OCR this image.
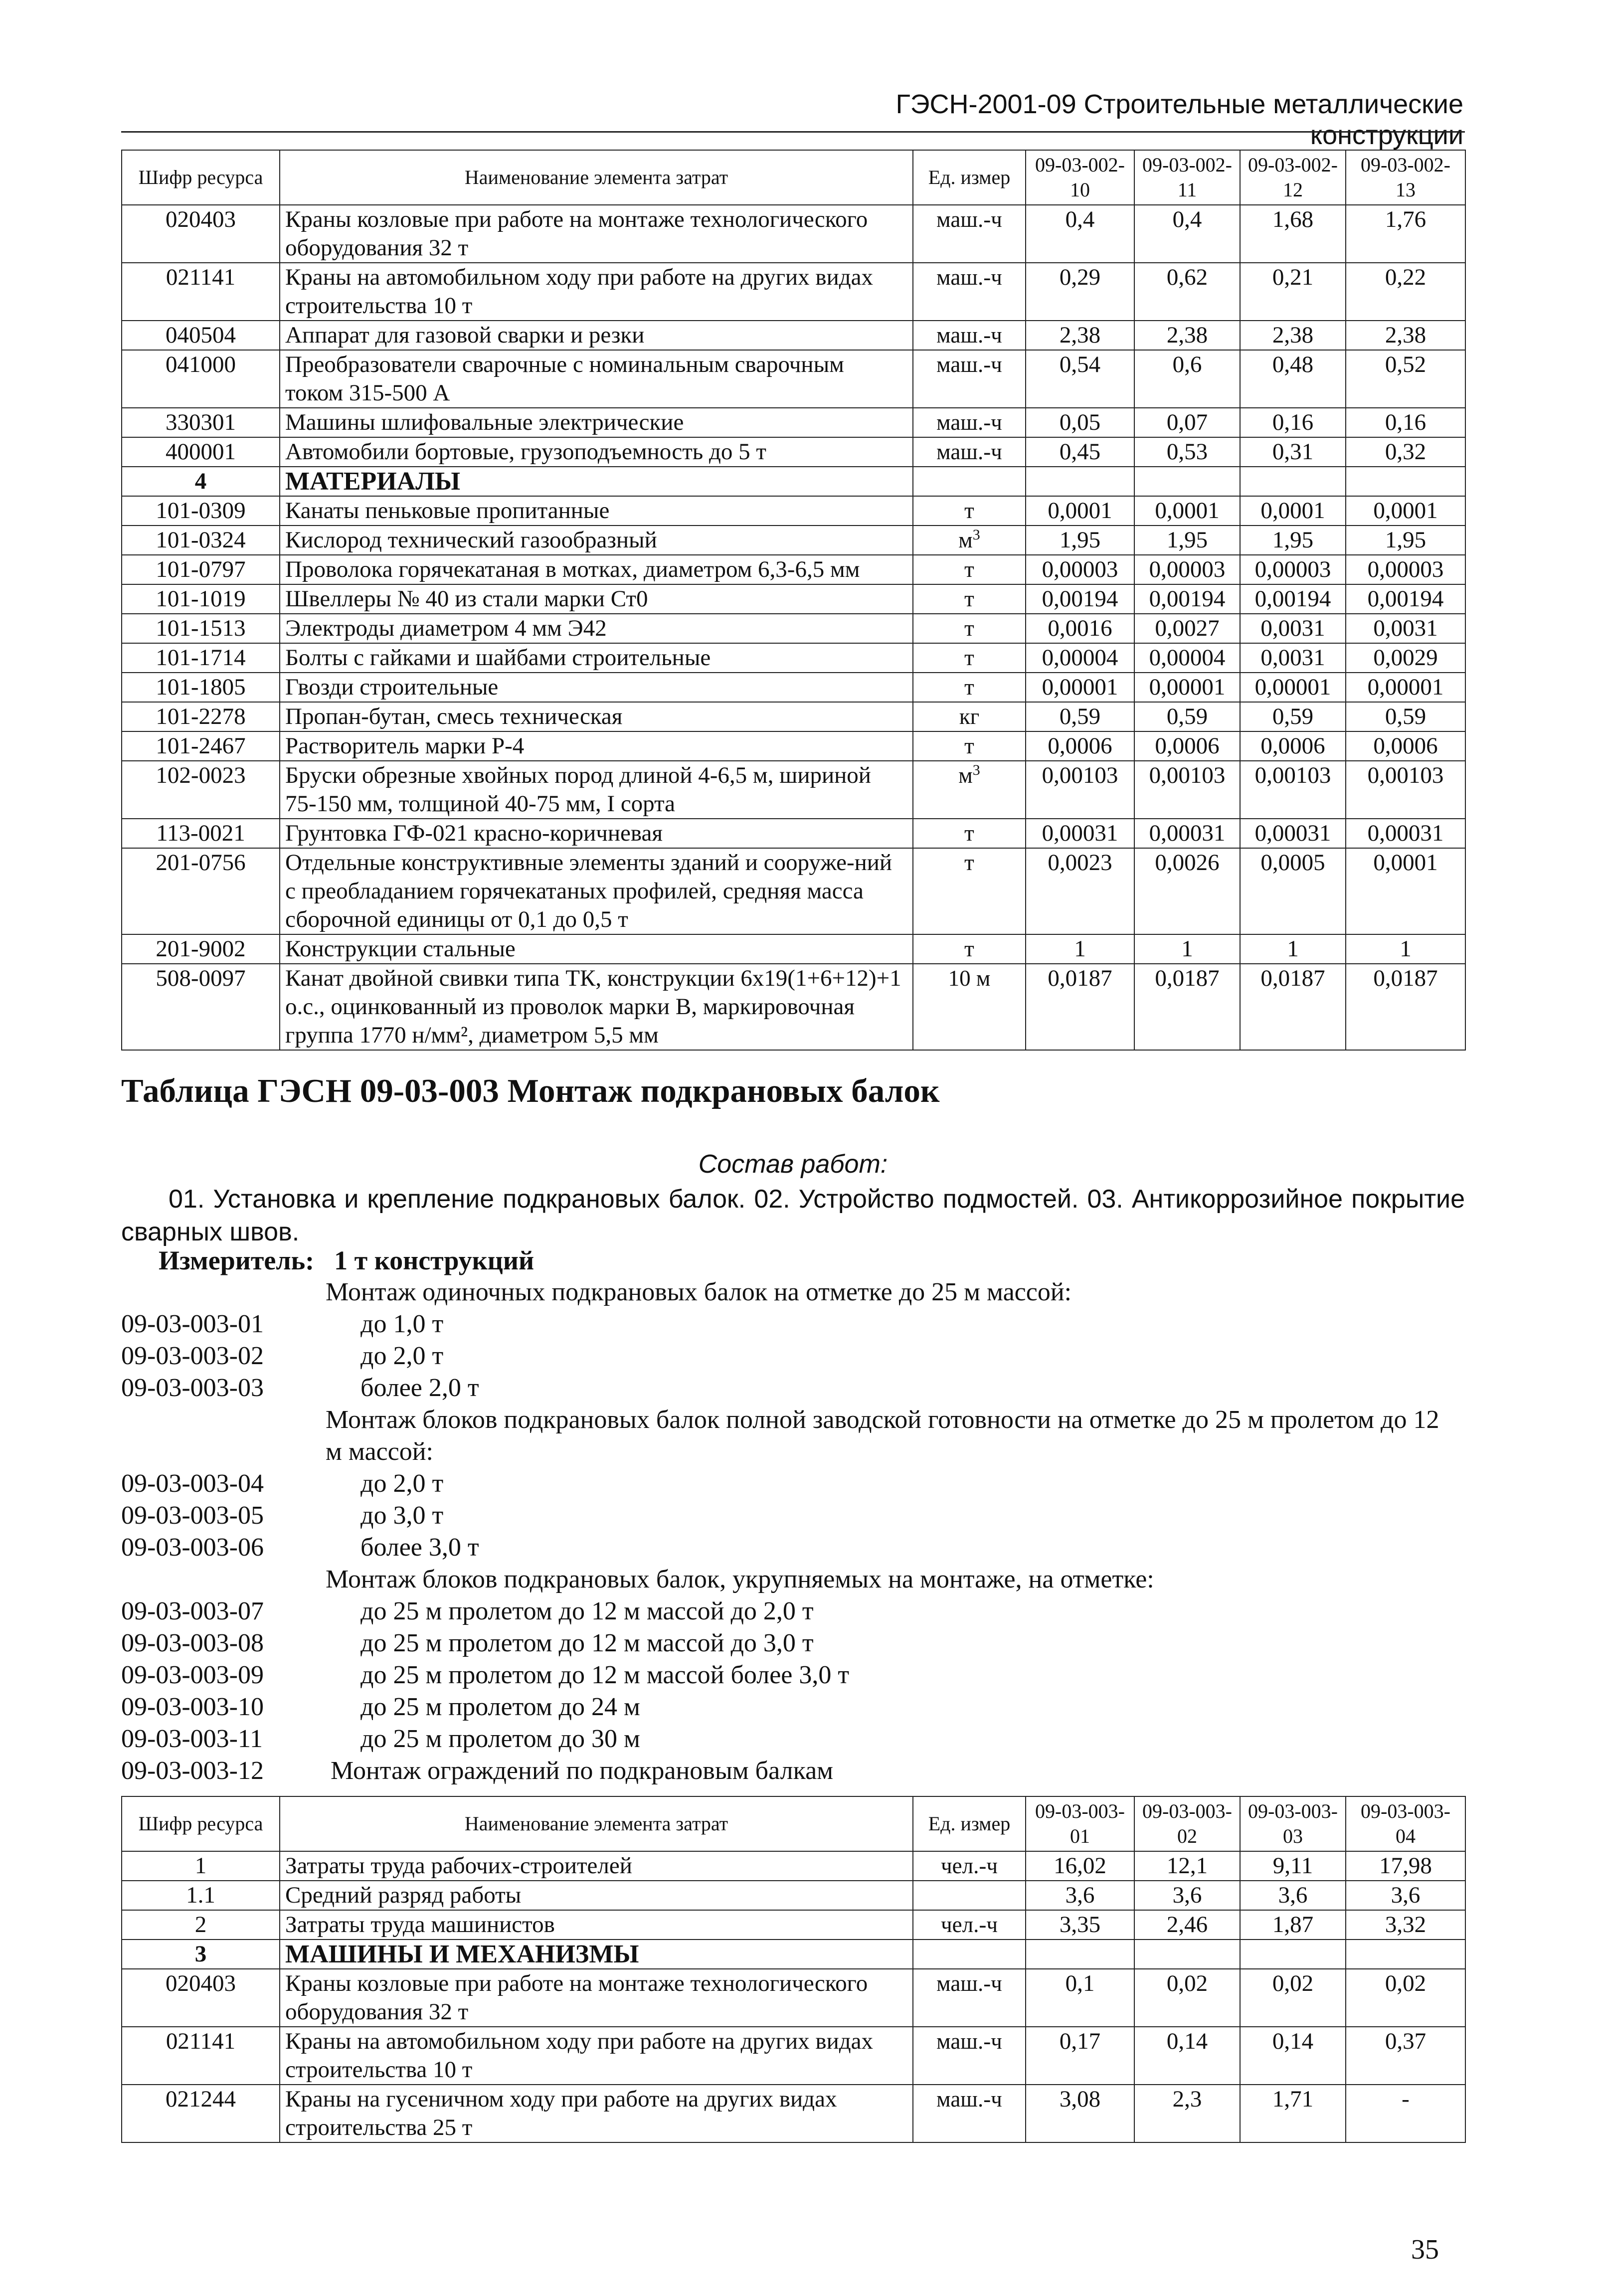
ГЭСН-2001-09 Строительные металлические конструкции
Шифр ресурса	Наименование элемента затрат	Ед. измер	09-03-002-10	09-03-002-11	09-03-002-12	09-03-002-13
020403	Краны козловые при работе на монтаже технологического оборудования 32 т	маш.-ч	0,4	0,4	1,68	1,76
021141	Краны на автомобильном ходу при работе на других видах строительства 10 т	маш.-ч	0,29	0,62	0,21	0,22
040504	Аппарат для газовой сварки и резки	маш.-ч	2,38	2,38	2,38	2,38
041000	Преобразователи сварочные с номинальным сварочным током 315-500 А	маш.-ч	0,54	0,6	0,48	0,52
330301	Машины шлифовальные электрические	маш.-ч	0,05	0,07	0,16	0,16
400001	Автомобили бортовые, грузоподъемность до 5 т	маш.-ч	0,45	0,53	0,31	0,32
4	МАТЕРИАЛЫ					
101-0309	Канаты пеньковые пропитанные	т	0,0001	0,0001	0,0001	0,0001
101-0324	Кислород технический газообразный	$м^3$	1,95	1,95	1,95	1,95
101-0797	Проволока горячекатаная в мотках, диаметром 6,3-6,5 мм	т	0,00003	0,00003	0,00003	0,00003
101-1019	Швеллеры № 40 из стали марки Ст0	т	0,00194	0,00194	0,00194	0,00194
101-1513	Электроды диаметром 4 мм Э42	т	0,0016	0,0027	0,0031	0,0031
101-1714	Болты с гайками и шайбами строительные	т	0,00004	0,00004	0,0031	0,0029
101-1805	Гвозди строительные	т	0,00001	0,00001	0,00001	0,00001
101-2278	Пропан-бутан, смесь техническая	кг	0,59	0,59	0,59	0,59
101-2467	Растворитель марки Р-4	т	0,0006	0,0006	0,0006	0,0006
102-0023	Бруски обрезные хвойных пород длиной 4-6,5 м, шириной 75-150 мм, толщиной 40-75 мм, I сорта	$м^3$	0,00103	0,00103	0,00103	0,00103
113-0021	Грунтовка ГФ-021 красно-коричневая	т	0,00031	0,00031	0,00031	0,00031
201-0756	Отдельные конструктивные элементы зданий и сооруже-ний с преобладанием горячекатаных профилей, средняя масса сборочной единицы от 0,1 до 0,5 т	т	0,0023	0,0026	0,0005	0,0001
201-9002	Конструкции стальные	т	1	1	1	1
508-0097	Канат двойной свивки типа ТК, конструкции 6х19(1+6+12)+1 о.с., оцинкованный из проволок марки В, маркировочная группа 1770 н/мм², диаметром 5,5 мм	10 м	0,0187	0,0187	0,0187	0,0187
Таблица ГЭСН 09-03-003 Монтаж подкрановых балок
Состав работ:
01. Установка и крепление подкрановых балок. 02. Устройство подмостей. 03. Антикоррозийное покрытие сварных швов.
Измеритель: 1 т конструкций
Монтаж одиночных подкрановых балок на отметке до 25 м массой:
09-03-003-01	до 1,0 т
09-03-003-02	до 2,0 т
09-03-003-03	более 2,0 т
Монтаж блоков подкрановых балок полной заводской готовности на отметке до 25 м пролетом до 12 м массой:
09-03-003-04	до 2,0 т
09-03-003-05	до 3,0 т
09-03-003-06	более 3,0 т
Монтаж блоков подкрановых балок, укрупняемых на монтаже, на отметке:
09-03-003-07	до 25 м пролетом до 12 м массой до 2,0 т
09-03-003-08	до 25 м пролетом до 12 м массой до 3,0 т
09-03-003-09	до 25 м пролетом до 12 м массой более 3,0 т
09-03-003-10	до 25 м пролетом до 24 м
09-03-003-11	до 25 м пролетом до 30 м
09-03-003-12	Монтаж ограждений по подкрановым балкам
Шифр ресурса	Наименование элемента затрат	Ед. измер	09-03-003-01	09-03-003-02	09-03-003-03	09-03-003-04
1	Затраты труда рабочих-строителей	чел.-ч	16,02	12,1	9,11	17,98
1.1	Средний разряд работы		3,6	3,6	3,6	3,6
2	Затраты труда машинистов	чел.-ч	3,35	2,46	1,87	3,32
3	МАШИНЫ И МЕХАНИЗМЫ					
020403	Краны козловые при работе на монтаже технологического оборудования 32 т	маш.-ч	0,1	0,02	0,02	0,02
021141	Краны на автомобильном ходу при работе на других видах строительства 10 т	маш.-ч	0,17	0,14	0,14	0,37
021244	Краны на гусеничном ходу при работе на других видах строительства 25 т	маш.-ч	3,08	2,3	1,71	-
35
